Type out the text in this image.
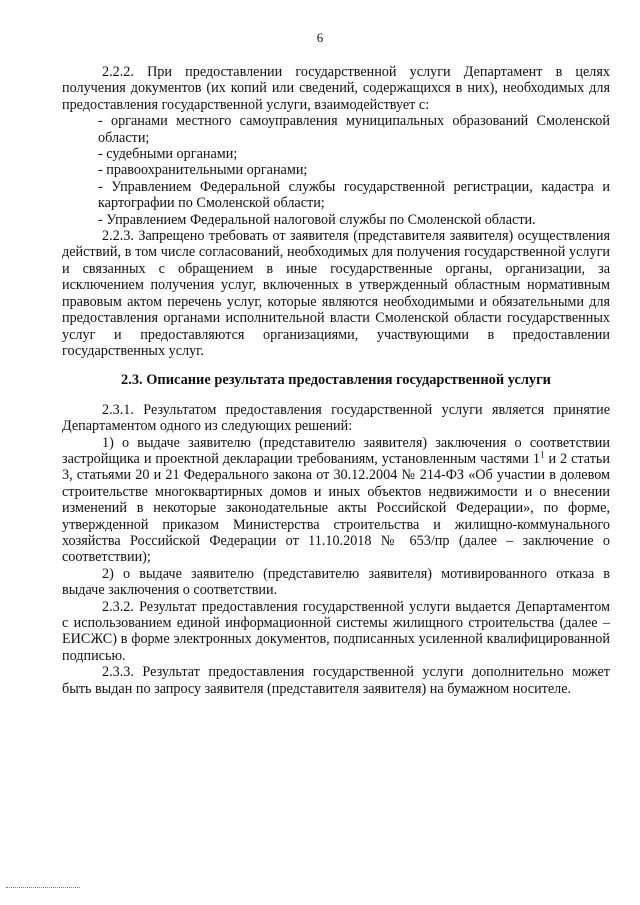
6

2.2.2. При предоставлении государственной услуги Департамент в целях получения документов (их копий или сведений, содержащихся в них), необходимых для предоставления государственной услуги, взаимодействует с:

- органами местного самоуправления муниципальных образований Смоленской области;

- судебными органами;

- правоохранительными органами;

- Управлением Федеральной службы государственной регистрации, кадастра и картографии по Смоленской области;

- Управлением Федеральной налоговой службы по Смоленской области.

2.2.3. Запрещено требовать от заявителя (представителя заявителя) осуществления действий, в том числе согласований, необходимых для получения государственной услуги и связанных с обращением в иные государственные органы, организации, за исключением получения услуг, включенных в утвержденный областным нормативным правовым актом перечень услуг, которые являются необходимыми и обязательными для предоставления органами исполнительной власти Смоленской области государственных услуг и предоставляются организациями, участвующими в предоставлении государственных услуг.

2.3. Описание результата предоставления государственной услуги

2.3.1. Результатом предоставления государственной услуги является принятие Департаментом одного из следующих решений:

1) о выдаче заявителю (представителю заявителя) заключения о соответствии застройщика и проектной декларации требованиям, установленным частями $1^1$ и 2 статьи 3, статьями 20 и 21 Федерального закона от 30.12.2004 № 214-ФЗ «Об участии в долевом строительстве многоквартирных домов и иных объектов недвижимости и о внесении изменений в некоторые законодательные акты Российской Федерации», по форме, утвержденной приказом Министерства строительства и жилищно-коммунального хозяйства Российской Федерации от 11.10.2018 № 653/пр (далее – заключение о соответствии);

2) о выдаче заявителю (представителю заявителя) мотивированного отказа в выдаче заключения о соответствии.

2.3.2. Результат предоставления государственной услуги выдается Департаментом с использованием единой информационной системы жилищного строительства (далее – ЕИСЖС) в форме электронных документов, подписанных усиленной квалифицированной подписью.

2.3.3. Результат предоставления государственной услуги дополнительно может быть выдан по запросу заявителя (представителя заявителя) на бумажном носителе.
